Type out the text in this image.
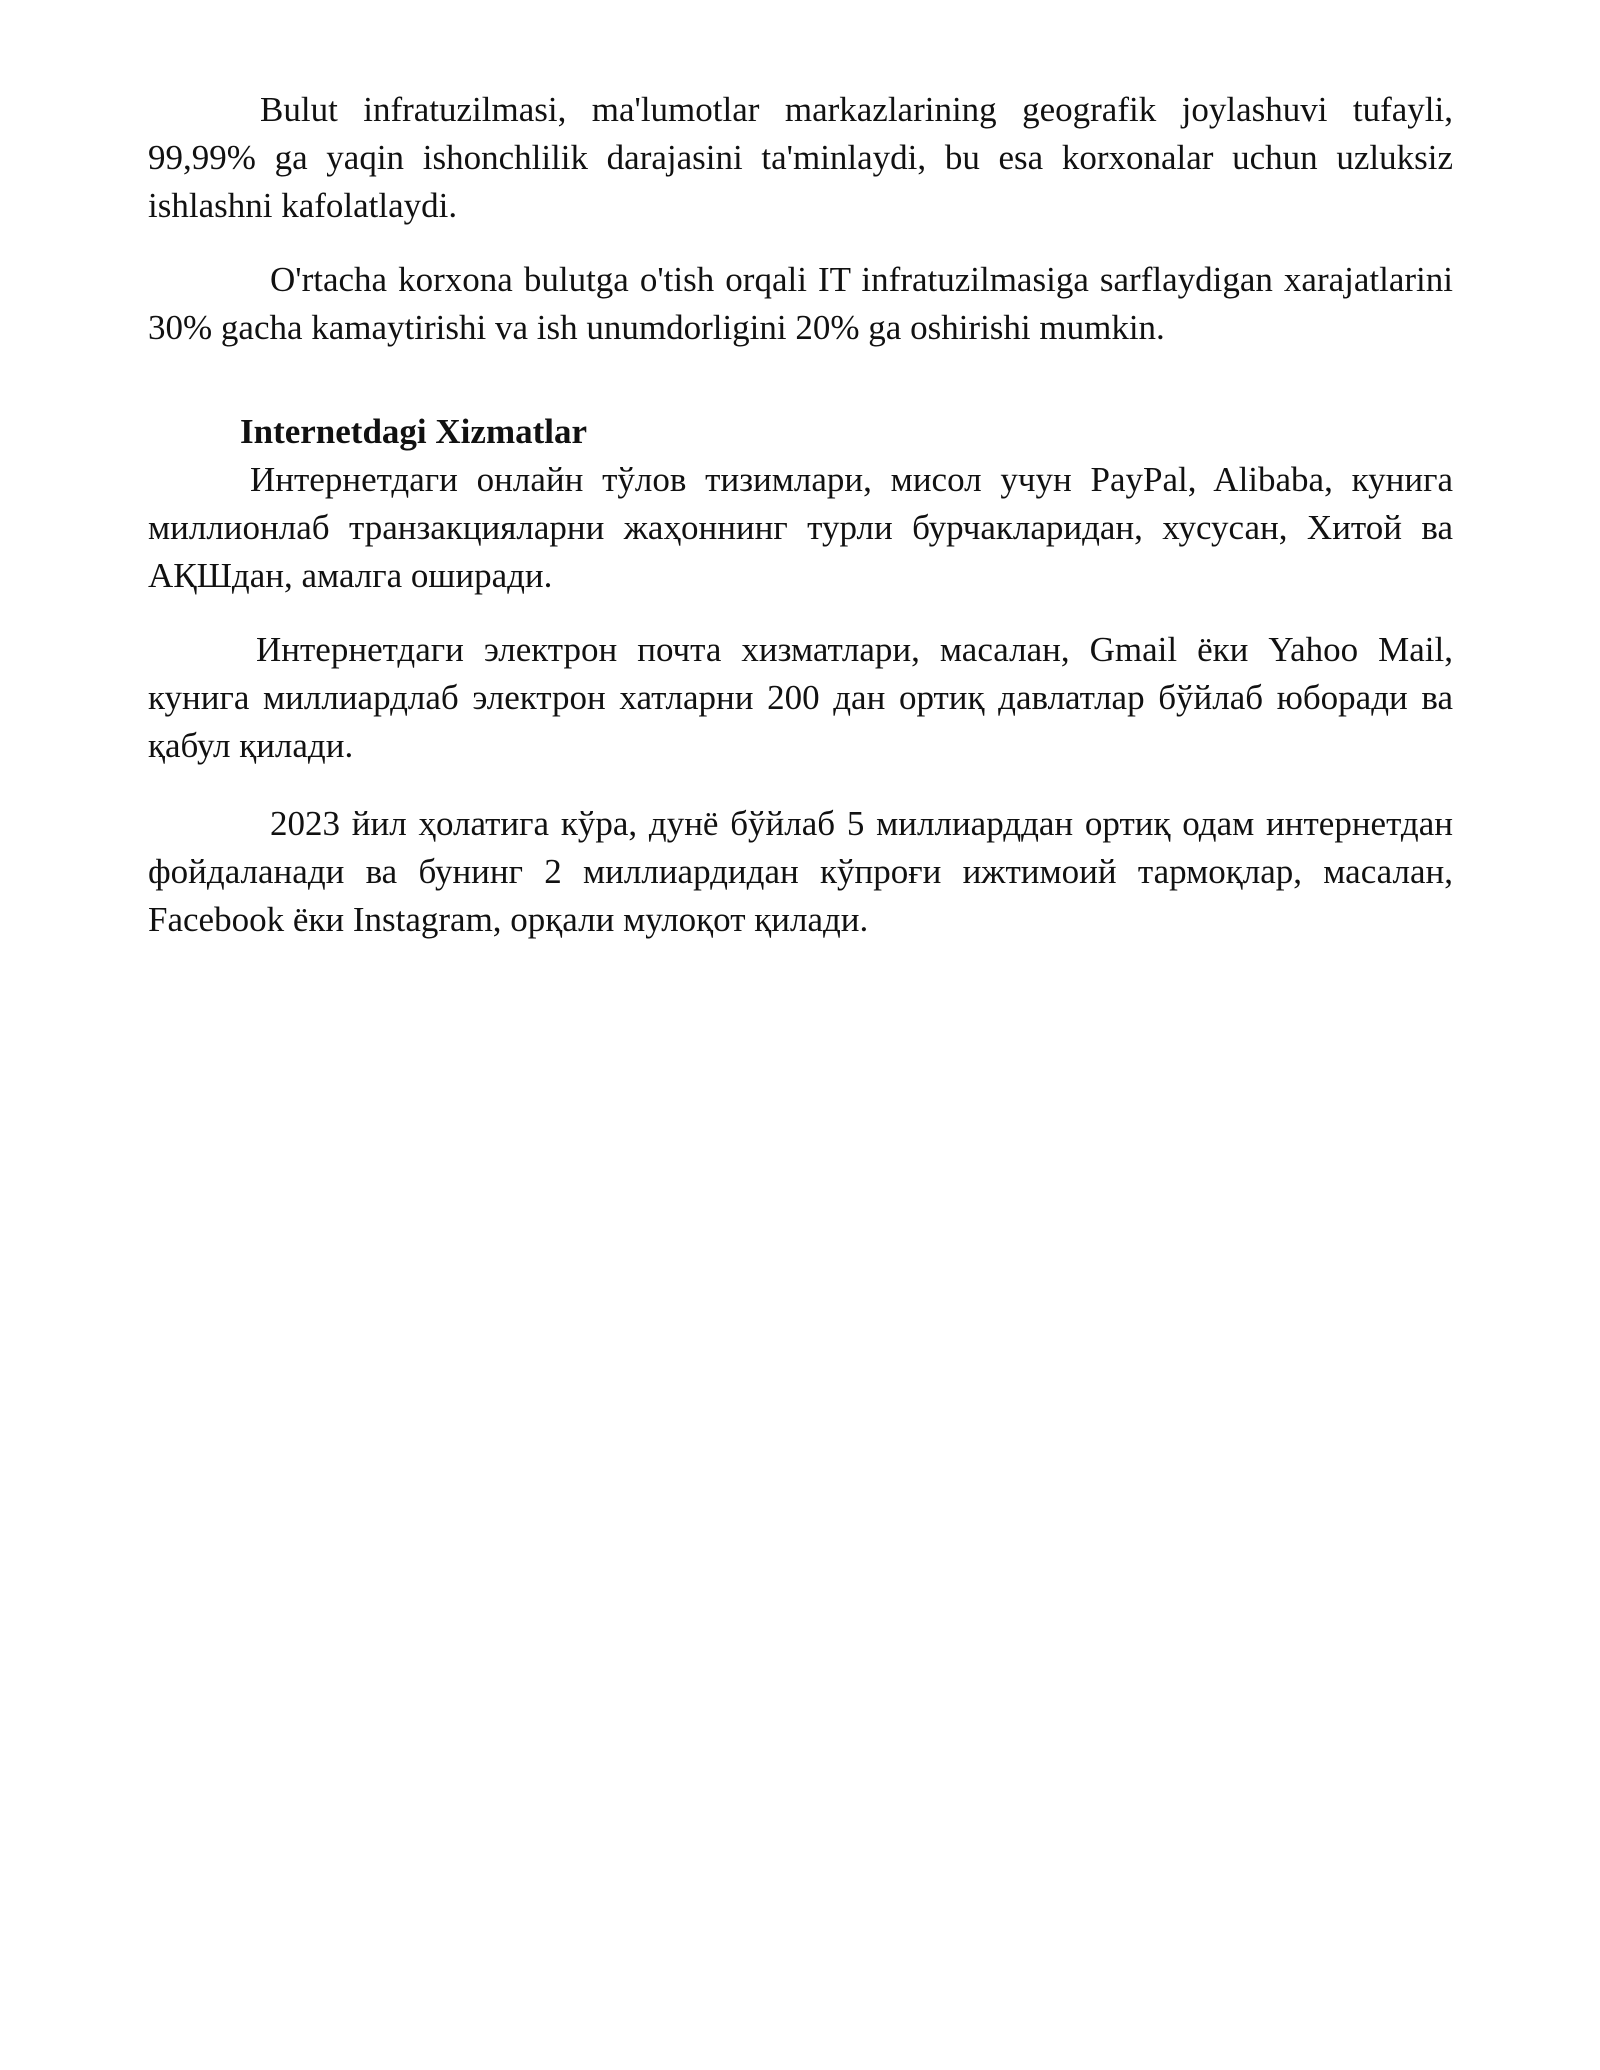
Bulut infratuzilmasi, ma'lumotlar markazlarining geografik joylashuvi tufayli, 99,99% ga yaqin ishonchlilik darajasini ta'minlaydi, bu esa korxonalar uchun uzluksiz ishlashni kafolatlaydi.

O'rtacha korxona bulutga o'tish orqali IT infratuzilmasiga sarflaydigan xarajatlarini 30% gacha kamaytirishi va ish unumdorligini 20% ga oshirishi mumkin.

Internetdagi Xizmatlar

Интернетдаги онлайн тўлов тизимлари, мисол учун PayPal, Alibaba, кунига миллионлаб транзакцияларни жаҳоннинг турли бурчакларидан, хусусан, Хитой ва АҚШдан, амалга оширади.

Интернетдаги электрон почта хизматлари, масалан, Gmail ёки Yahoo Mail, кунига миллиардлаб электрон хатларни 200 дан ортиқ давлатлар бўйлаб юборади ва қабул қилади.

2023 йил ҳолатига кўра, дунё бўйлаб 5 миллиарддан ортиқ одам интернетдан фойдаланади ва бунинг 2 миллиардидан кўпроғи ижтимоий тармоқлар, масалан, Facebook ёки Instagram, орқали мулоқот қилади.
